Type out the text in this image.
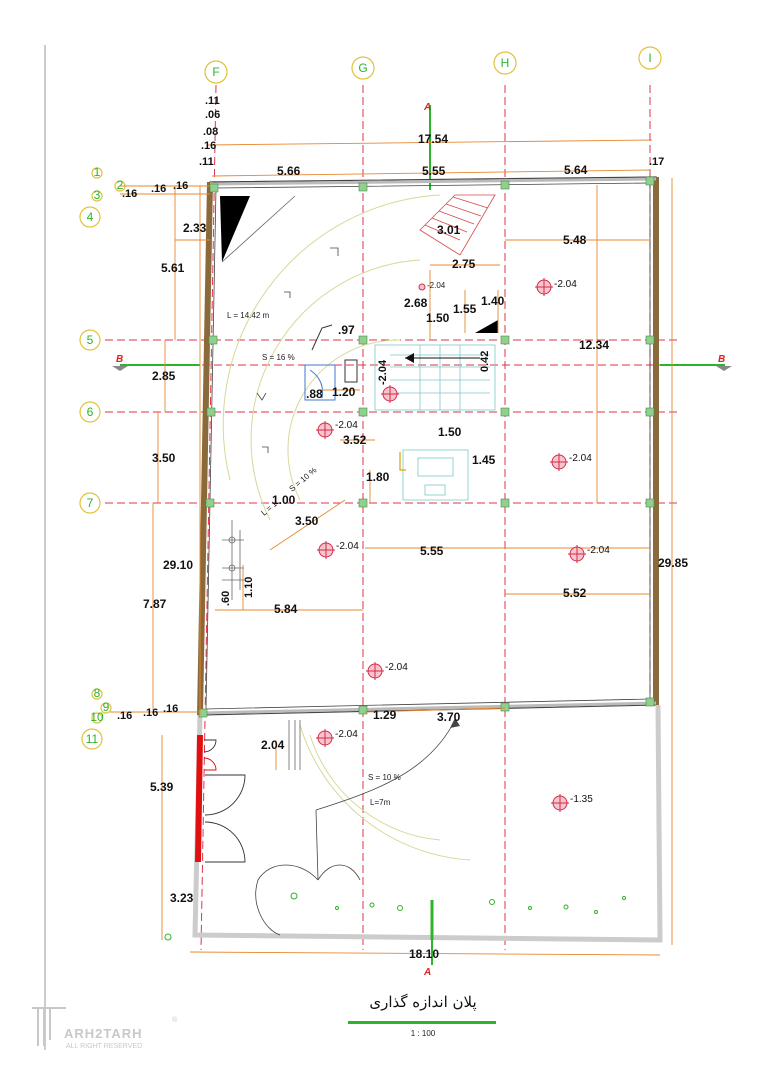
F	G	H	I
5
6
7
4
11
1
2
3
8
9
10
A
A
B	B
.11
.06
.08
.16
.11
17.54
.17
5.66	5.55	5.64
.16 .16
.16
2.33
5.61
2.85
3.50
29.10
7.87
5.39
3.23
.16 .16 .16
18.10
29.85
12.34
5.48
3.01
2.75
2.68
1.50
1.55
1.40
.97
.88 1.20
0.42
-2.04
3.52
1.50
1.45
1.80
1.00
3.50
5.55
5.52
5.84
.60
1.10
2.04
1.29	3.70
-2.04
-2.04
-2.04
-2.04	-2.04
-2.04
-2.04
-1.35
-2.04
L = 14.42 m
S = 16 %
S = 10 %
L = 1
S = 10 %
L=7m
پلان اندازه گذاری
1 : 100
ARH2TARH
ALL RIGHT RESERVED
®
